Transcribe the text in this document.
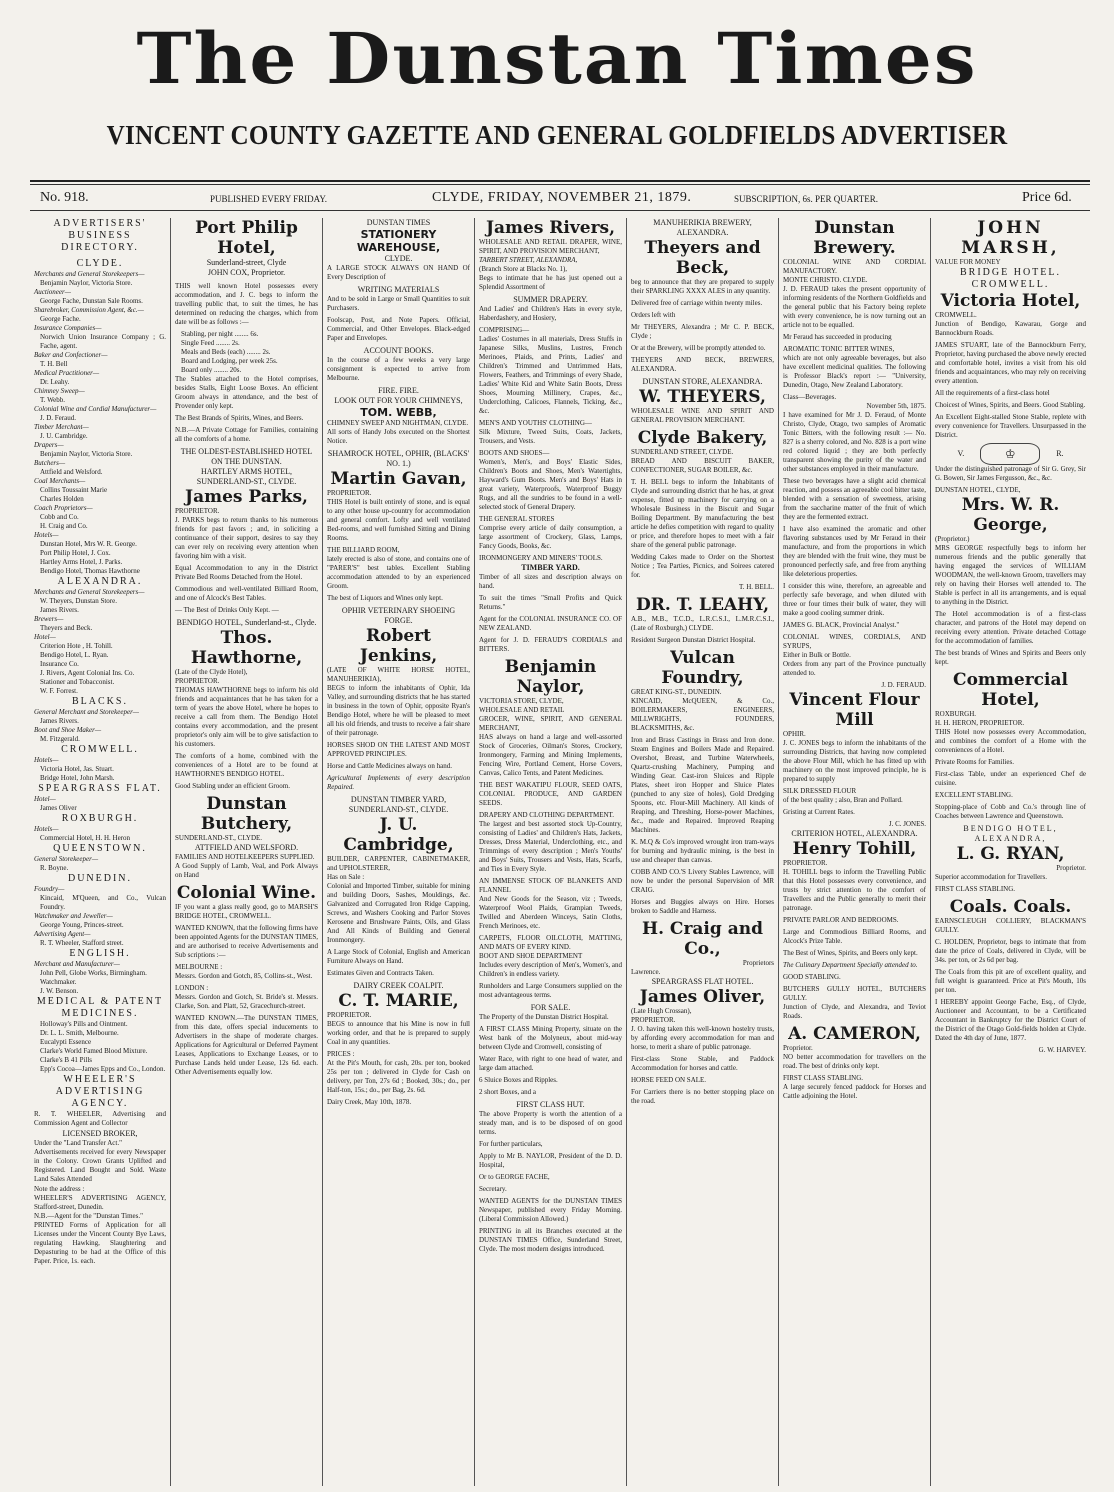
The Dunstan Times
VINCENT COUNTY GAZETTE AND GENERAL GOLDFIELDS ADVERTISER
No. 918.	PUBLISHED EVERY FRIDAY.	CLYDE, FRIDAY, NOVEMBER 21, 1879.	SUBSCRIPTION, 6s. PER QUARTER.	Price 6d.
ADVERTISERS' BUSINESS DIRECTORY.
CLYDE.
Merchants and General Storekeepers—
Benjamin Naylor, Victoria Store.
Auctioneer—
George Fache, Dunstan Sale Rooms.
Sharebroker, Commission Agent, &c.—
George Fache.
Insurance Companies—
Norwich Union Insurance Company ; G. Fache, agent.
Baker and Confectioner—
T. H. Bell
Medical Practitioner—
Dr. Leahy.
Chimney Sweep—
T. Webb.
Colonial Wine and Cordial Manufacturer—
J. D. Feraud.
Timber Merchant—
J. U. Cambridge.
Drapers—
Benjamin Naylor, Victoria Store.
Butchers—
Attfield and Welsford.
Coal Merchants—
Collins Toussaint Marie
Charles Holden
Coach Proprietors—
Cobb and Co.
H. Craig and Co.
Hotels—
Dunstan Hotel, Mrs W. R. George.
Port Philip Hotel, J. Cox.
Hartley Arms Hotel, J. Parks.
Bendigo Hotel, Thomas Hawthorne
ALEXANDRA.
Merchants and General Storekeepers—
W. Theyers, Dunstan Store.
James Rivers.
Brewers—
Theyers and Beck.
Hotel—
Criterion Hote , H. Tohill.
Bendigo Hotel, L. Ryan.
Insurance Co.
J. Rivers, Agent Colonial Ins. Co.
Stationer and Tobacconist.
W. F. Forrest.
BLACKS.
General Merchant and Storekeeper—
James Rivers.
Boot and Shoe Maker—
M. Fitzgerald.
CROMWELL.
Hotels—
Victoria Hotel, Jas. Stuart.
Bridge Hotel, John Marsh.
SPEARGRASS FLAT.
Hotel—
James Oliver
ROXBURGH.
Hotels—
Commercial Hotel, H. H. Heron
QUEENSTOWN.
General Storekeeper—
R. Boyne.
DUNEDIN.
Foundry—
Kincaid, M'Queen, and Co., Vulcan Foundry.
Watchmaker and Jeweller—
George Young, Princes-street.
Advertising Agent—
R. T. Wheeler, Stafford street.
ENGLISH.
Merchant and Manufacturer—
John Pell, Globe Works, Birmingham.
Watchmaker.
J. W. Benson.
MEDICAL & PATENT MEDICINES.
Holloway's Pills and Ointment.
Dr. L. L. Smith, Melbourne.
Eucalypti Essence
Clarke's World Famed Blood Mixture.
Clarke's B 41 Pills
Epp's Cocoa—James Epps and Co., London.
WHEELER'S ADVERTISING AGENCY.

R. T. WHEELER, Advertising and Commission Agent and Collector

LICENSED BROKER,
Under the "Land Transfer Act."

Advertisements received for every Newspaper in the Colony. Crown Grants Uplifted and Registered. Land Bought and Sold. Waste Land Sales Attended

Note the address :
WHEELER'S ADVERTISING AGENCY, Stafford-street, Dunedin.
N.B.—Agent for the "Dunstan Times."

PRINTED Forms of Application for all Licenses under the Vincent County Bye Laws, regulating Hawking, Slaughtering and Depasturing to be had at the Office of this Paper. Price, 1s. each.

Port Philip Hotel,
Sunderland-street, Clyde
JOHN COX, Proprietor.

THIS well known Hotel possesses every accommodation, and J. C. begs to inform the travelling public that, to suit the times, he has determined on reducing the charges, which from date will be as follows :—

Stabling, per night ........ 6s.
Single Feed ........ 2s.
Meals and Beds (each) ........ 2s.
Board and Lodging, per week 25s.
Board only ........ 20s.

The Stables attached to the Hotel comprises, besides Stalls, Eight Loose Boxes. An efficient Groom always in attendance, and the best of Provender only kept.

The Best Brands of Spirits, Wines, and Beers.

N.B.—A Private Cottage for Families, containing all the comforts of a home.

THE OLDEST-ESTABLISHED HOTEL ON THE DUNSTAN.
HARTLEY ARMS HOTEL, SUNDERLAND-ST., CLYDE.
James Parks,
PROPRIETOR.

J. PARKS begs to return thanks to his numerous friends for past favors ; and, in soliciting a continuance of their support, desires to say they can ever rely on receiving every attention when favoring him with a visit.

Equal Accommodation to any in the District Private Bed Rooms Detached from the Hotel.

Commodious and well-ventilated Billiard Room, and one of Alcock's Best Tables.

— The Best of Drinks Only Kept. —

BENDIGO HOTEL, Sunderland-st., Clyde.
Thos. Hawthorne,
(Late of the Clyde Hotel),
PROPRIETOR.

THOMAS HAWTHORNE begs to inform his old friends and acquaintances that he has taken for a term of years the above Hotel, where he hopes to receive a call from them. The Bendigo Hotel contains every accommodation, and the present proprietor's only aim will be to give satisfaction to his customers.

The comforts of a home, combined with the conveniences of a Hotel are to be found at HAWTHORNE'S BENDIGO HOTEL.

Good Stabling under an efficient Groom.

Dunstan Butchery,
SUNDERLAND-ST., CLYDE.
ATTFIELD AND WELSFORD.
FAMILIES AND HOTELKEEPERS SUPPLIED.

A Good Supply of Lamb, Veal, and Pork Always on Hand

Colonial Wine.

IF you want a glass really good, go to MARSH'S BRIDGE HOTEL, CROMWELL.

WANTED KNOWN, that the following firms have been appointed Agents for the DUNSTAN TIMES, and are authorised to receive Advertisements and Sub scriptions :—

MELBOURNE :

Messrs. Gordon and Gotch, 85, Collins-st., West.

LONDON :

Messrs. Gordon and Gotch, St. Bride's st. Messrs. Clarke, Son. and Platt, 52, Gracechurch-street.

WANTED KNOWN.—The DUNSTAN TIMES, from this date, offers special inducements to Advertisers in the shape of moderate charges. Applications for Agricultural or Deferred Payment Leases, Applications to Exchange Leases, or to Purchase Lands held under Lease, 12s 6d. each. Other Advertisements equally low.

DUNSTAN TIMES
STATIONERY WAREHOUSE,
CLYDE.

A LARGE STOCK ALWAYS ON HAND Of Every Description of

WRITING MATERIALS

And to be sold in Large or Small Quantities to suit Purchasers.

Foolscap, Post, and Note Papers. Official, Commercial, and Other Envelopes. Black-edged Paper and Envelopes.

ACCOUNT BOOKS.

In the course of a few weeks a very large consignment is expected to arrive from Melbourne.

FIRE. FIRE.
LOOK OUT FOR YOUR CHIMNEYS,
TOM. WEBB,
CHIMNEY SWEEP AND NIGHTMAN, CLYDE.

All sorts of Handy Jobs executed on the Shortest Notice.

SHAMROCK HOTEL, OPHIR, (BLACKS' NO. 1.)
Martin Gavan,
PROPRIETOR.

THIS Hotel is built entirely of stone, and is equal to any other house up-country for accommodation and general comfort. Lofty and well ventilated Bed-rooms, and well furnished Sitting and Dining Rooms.

THE BILLIARD ROOM,

lately erected is also of stone, and contains one of "PARER'S" best tables. Excellent Stabling accommodation attended to by an experienced Groom.

The best of Liquors and Wines only kept.

OPHIR VETERINARY SHOEING FORGE.
Robert Jenkins,
(LATE OF WHITE HORSE HOTEL, MANUHERIKIA),

BEGS to inform the inhabitants of Ophir, Ida Valley, and surrounding districts that he has started in business in the town of Ophir, opposite Ryan's Bendigo Hotel, where he will be pleased to meet all his old friends, and trusts to receive a fair share of their patronage.

HORSES SHOD ON THE LATEST AND MOST APPROVED PRINCIPLES.

Horse and Cattle Medicines always on hand.

Agricultural Implements of every description Repaired.

DUNSTAN TIMBER YARD, SUNDERLAND-ST., CLYDE.
J. U. Cambridge,
BUILDER, CARPENTER, CABINETMAKER, and UPHOLSTERER,
Has on Sale :

Colonial and Imported Timber, suitable for mining and building Doors, Sashes, Mouldings, &c. Galvanized and Corrugated Iron Ridge Capping, Screws, and Washers Cooking and Parlor Stoves Kerosene and Brushware Paints, Oils, and Glass And All Kinds of Building and General Ironmongery.

A Large Stock of Colonial, English and American Furniture Always on Hand.

Estimates Given and Contracts Taken.

DAIRY CREEK COALPIT.
C. T. MARIE,
PROPRIETOR.

BEGS to announce that his Mine is now in full working order, and that he is prepared to supply Coal in any quantities.

PRICES :

At the Pit's Mouth, for cash, 20s. per ton, booked 25s per ton ; delivered in Clyde for Cash on delivery, per Ton, 27s 6d ; Booked, 30s.; do., per Half-ton, 15s.; do., per Bag, 2s. 6d.

Dairy Creek, May 10th, 1878.

James Rivers,
WHOLESALE AND RETAIL DRAPER, WINE, SPIRIT, AND PROVISION MERCHANT,
TARBERT STREET, ALEXANDRA,
(Branch Store at Blacks No. 1),

Begs to intimate that he has just opened out a Splendid Assortment of

SUMMER DRAPERY.

And Ladies' and Children's Hats in every style, Haberdashery, and Hosiery,

COMPRISING—

Ladies' Costumes in all materials, Dress Stuffs in Japanese Silks, Muslins, Lustres, French Merinoes, Plaids, and Prints, Ladies' and Children's Trimmed and Untrimmed Hats, Flowers, Feathers, and Trimmings of every Shade, Ladies' White Kid and White Satin Boots, Dress Shoes, Mourning Millinery, Crapes, &c., Underclothing, Calicoes, Flannels, Ticking, &c., &c.

MEN'S AND YOUTHS' CLOTHING—

Silk Mixture, Tweed Suits, Coats, Jackets, Trousers, and Vests.

BOOTS AND SHOES—

Women's, Men's, and Boys' Elastic Sides, Children's Boots and Shoes, Men's Watertights, Hayward's Gum Boots. Men's and Boys' Hats in great variety, Waterproofs, Waterproof Buggy Rugs, and all the sundries to be found in a well-selected stock of General Drapery.

THE GENERAL STORES

Comprise every article of daily consumption, a large assortment of Crockery, Glass, Lamps, Fancy Goods, Books, &c.

IRONMONGERY AND MINERS' TOOLS.
TIMBER YARD.

Timber of all sizes and description always on hand.

To suit the times "Small Profits and Quick Returns."

Agent for the COLONIAL INSURANCE CO. OF NEW ZEALAND.

Agent for J. D. FERAUD'S CORDIALS and BITTERS.

Benjamin Naylor,
VICTORIA STORE, CLYDE,
WHOLESALE AND RETAIL
GROCER, WINE, SPIRIT, AND GENERAL MERCHANT,

HAS always on hand a large and well-assorted Stock of Groceries, Oilman's Stores, Crockery, Ironmongery, Farming and Mining Implements, Fencing Wire, Portland Cement, Horse Covers, Canvas, Calico Tents, and Patent Medicines.

THE BEST WAKATIPU FLOUR, SEED OATS, COLONIAL PRODUCE, AND GARDEN SEEDS.

DRAPERY AND CLOTHING DEPARTMENT.

The largest and best assorted stock Up-Country, consisting of Ladies' and Children's Hats, Jackets, Dresses, Dress Material, Underclothing, etc., and Trimmings of every description ; Men's Youths' and Boys' Suits, Trousers and Vests, Hats, Scarfs, and Ties in Every Style.

AN IMMENSE STOCK OF BLANKETS AND FLANNEL

And New Goods for the Season, viz ; Tweeds, Waterproof Wool Plaids, Grampian Tweeds, Twilled and Aberdeen Winceys, Satin Cloths, French Merinoes, etc.

CARPETS, FLOOR OILCLOTH, MATTING, AND MATS OF EVERY KIND.
BOOT AND SHOE DEPARTMENT

Includes every description of Men's, Women's, and Children's in endless variety.

Runholders and Large Consumers supplied on the most advantageous terms.

FOR SALE.

The Property of the Dunstan District Hospital.

A FIRST CLASS Mining Property, situate on the West bank of the Molyneux, about mid-way between Clyde and Cromwell, consisting of

Water Race, with right to one head of water, and large dam attached.

6 Sluice Boxes and Ripples.

2 short Boxes, and a

FIRST CLASS HUT.

The above Property is worth the attention of a steady man, and is to be disposed of on good terms.

For further particulars,

Apply to Mr B. NAYLOR, President of the D. D. Hospital,

Or to GEORGE FACHE,

Secretary.

WANTED AGENTS for the DUNSTAN TIMES Newspaper, published every Friday Morning. (Liberal Commission Allowed.)

PRINTING in all its Branches executed at the DUNSTAN TIMES Office, Sunderland Street, Clyde. The most modern designs introduced.

MANUHERIKIA BREWERY, ALEXANDRA.
Theyers and Beck,

beg to announce that they are prepared to supply their SPARKLING XXXX ALES in any quantity.

Delivered free of carriage within twenty miles.

Orders left with

Mr THEYERS, Alexandra ; Mr C. P. BECK, Clyde ;

Or at the Brewery, will be promptly attended to.

THEYERS AND BECK, BREWERS, ALEXANDRA.

DUNSTAN STORE, ALEXANDRA.
W. THEYERS,

WHOLESALE WINE AND SPIRIT AND GENERAL PROVISION MERCHANT.

Clyde Bakery,
SUNDERLAND STREET, CLYDE.

BREAD AND BISCUIT BAKER, CONFECTIONER, SUGAR BOILER, &c.

T. H. BELL begs to inform the Inhabitants of Clyde and surrounding district that he has, at great expense, fitted up machinery for carrying on a Wholesale Business in the Biscuit and Sugar Boiling Department. By manufacturing the best article he defies competition with regard to quality or price, and therefore hopes to meet with a fair share of the general public patronage.

Wedding Cakes made to Order on the Shortest Notice ; Tea Parties, Picnics, and Soirees catered for.

T. H. BELL.

DR. T. LEAHY,

A.B., M.B., T.C.D., L.R.C.S.I., L.M.R.C.S.I., (Late of Roxburgh,) CLYDE.

Resident Surgeon Dunstan District Hospital.

Vulcan Foundry,
GREAT KING-ST., DUNEDIN.

KINCAID, McQUEEN, & Co., BOILERMAKERS, ENGINEERS, MILLWRIGHTS, FOUNDERS, BLACKSMITHS, &c.

Iron and Brass Castings in Brass and Iron done. Steam Engines and Boilers Made and Repaired. Overshot, Breast, and Turbine Waterwheels, Quartz-crushing Machinery, Pumping and Winding Gear. Cast-iron Sluices and Ripple Plates, sheet iron Hopper and Sluice Plates (punched to any size of holes), Gold Dredging Spoons, etc. Flour-Mill Machinery. All kinds of Reaping, and Threshing, Horse-power Machines, &c., made and Repaired. Improved Reaping Machines.

K. M.Q & Co's improved wrought iron tram-ways for burning and hydraulic mining, is the best in use and cheaper than canvas.

COBB AND CO.'S Livery Stables Lawrence, will now be under the personal Supervision of MR CRAIG.

Horses and Buggies always on Hire. Horses broken to Saddle and Harness.

H. Craig and Co.,
Proprietors
Lawrence.
SPEARGRASS FLAT HOTEL.
James Oliver,
(Late Hugh Crossan),
PROPRIETOR.

J. O. having taken this well-known hostelry trusts, by affording every accommodation for man and horse, to merit a share of public patronage.

First-class Stone Stable, and Paddock Accommodation for horses and cattle.

HORSE FEED ON SALE.

For Carriers there is no better stopping place on the road.

Dunstan Brewery.
COLONIAL WINE AND CORDIAL MANUFACTORY.
MONTE CHRISTO. CLYDE.

J. D. FERAUD takes the present opportunity of informing residents of the Northern Goldfields and the general public that his Factory being replete with every convenience, he is now turning out an article not to be equalled.

Mr Feraud has succeeded in producing

AROMATIC TONIC BITTER WINES,

which are not only agreeable beverages, but also have excellent medicinal qualities. The following is Professor Black's report :— "University, Dunedin, Otago, New Zealand Laboratory.

Class—Beverages.
November 5th, 1875.

I have examined for Mr J. D. Feraud, of Monte Christo, Clyde, Otago, two samples of Aromatic Tonic Bitters, with the following result :— No. 827 is a sherry colored, and No. 828 is a port wine red colored liquid ; they are both perfectly transparent showing the purity of the water and other substances employed in their manufacture.

These two beverages have a slight acid chemical reaction, and possess an agreeable cool bitter taste, blended with a sensation of sweetness, arising from the saccharine matter of the fruit of which they are the fermented extract.

I have also examined the aromatic and other flavoring substances used by Mr Feraud in their manufacture, and from the proportions in which they are blended with the fruit wine, they must be pronounced perfectly safe, and free from anything like deleterious properties.

I consider this wine, therefore, an agreeable and perfectly safe beverage, and when diluted with three or four times their bulk of water, they will make a good cooling summer drink.

JAMES G. BLACK, Provincial Analyst."

COLONIAL WINES, CORDIALS, AND SYRUPS,
Either in Bulk or Bottle.

Orders from any part of the Province punctually attended to.

J. D. FERAUD.
Vincent Flour Mill
OPHIR.

J. C. JONES begs to inform the inhabitants of the surrounding Districts, that having now completed the above Flour Mill, which he has fitted up with machinery on the most improved principle, he is prepared to supply

SILK DRESSED FLOUR

of the best quality ; also, Bran and Pollard.

Gristing at Current Rates.

J. C. JONES.
CRITERION HOTEL, ALEXANDRA.
Henry Tohill,
PROPRIETOR.

H. TOHILL begs to inform the Travelling Public that this Hotel possesses every convenience, and trusts by strict attention to the comfort of Travellers and the Public generally to merit their patronage.

PRIVATE PARLOR AND BEDROOMS.

Large and Commodious Billiard Rooms, and Alcock's Prize Table.

The Best of Wines, Spirits, and Beers only kept.

The Culinary Department Specially attended to.

GOOD STABLING.

BUTCHERS GULLY HOTEL, BUTCHERS GULLY.

Junction of Clyde, and Alexandra, and Teviot Roads.

A. CAMERON,
Proprietor.

NO better accommodation for travellers on the road. The best of drinks only kept.

FIRST CLASS STABLING.

A large securely fenced paddock for Horses and Cattle adjoining the Hotel.

JOHN MARSH,
VALUE FOR MONEY
BRIDGE HOTEL. CROMWELL.
Victoria Hotel,
CROMWELL.

Junction of Bendigo, Kawarau, Gorge and Bannockburn Roads.

JAMES STUART, late of the Bannockburn Ferry, Proprietor, having purchased the above newly erected and comfortable hotel, invites a visit from his old friends and acquaintances, who may rely on receiving every attention.

All the requirements of a first-class hotel

Choicest of Wines, Spirits, and Beers. Good Stabling.

An Excellent Eight-stalled Stone Stable, replete with every convenience for Travellers. Unsurpassed in the District.

V.	♔	R.

Under the distinguished patronage of Sir G. Grey, Sir G. Bowen, Sir James Fergusson, &c., &c.

DUNSTAN HOTEL, CLYDE,
Mrs. W. R. George,
(Proprietor.)

MRS GEORGE respectfully begs to inform her numerous friends and the public generally that having engaged the services of WILLIAM WOODMAN, the well-known Groom, travellers may rely on having their Horses well attended to. The Stable is perfect in all its arrangements, and is equal to anything in the District.

The Hotel accommodation is of a first-class character, and patrons of the Hotel may depend on receiving every attention. Private detached Cottage for the accommodation of families.

The best brands of Wines and Spirits and Beers only kept.

Commercial Hotel,
ROXBURGH.
H. H. HERON, PROPRIETOR.

THIS Hotel now possesses every Accommodation, and combines the comfort of a Home with the conveniences of a Hotel.

Private Rooms for Families.

First-class Table, under an experienced Chef de cuisine.

EXCELLENT STABLING.

Stopping-place of Cobb and Co.'s through line of Coaches between Lawrence and Queenstown.

BENDIGO HOTEL, ALEXANDRA,
L. G. RYAN,
Proprietor.

Superior accommodation for Travellers.

FIRST CLASS STABLING.

Coals. Coals.

EARNSCLEUGH COLLIERY, BLACKMAN'S GULLY.

C. HOLDEN, Proprietor, begs to intimate that from date the price of Coals, delivered in Clyde, will be 34s. per ton, or 2s 6d per bag.

The Coals from this pit are of excellent quality, and full weight is guaranteed. Price at Pit's Mouth, 10s per ton.

I HEREBY appoint George Fache, Esq., of Clyde, Auctioneer and Accountant, to be a Certificated Accountant in Bankruptcy for the District Court of the District of the Otago Gold-fields holden at Clyde. Dated the 4th day of June, 1877.

G. W. HARVEY.
